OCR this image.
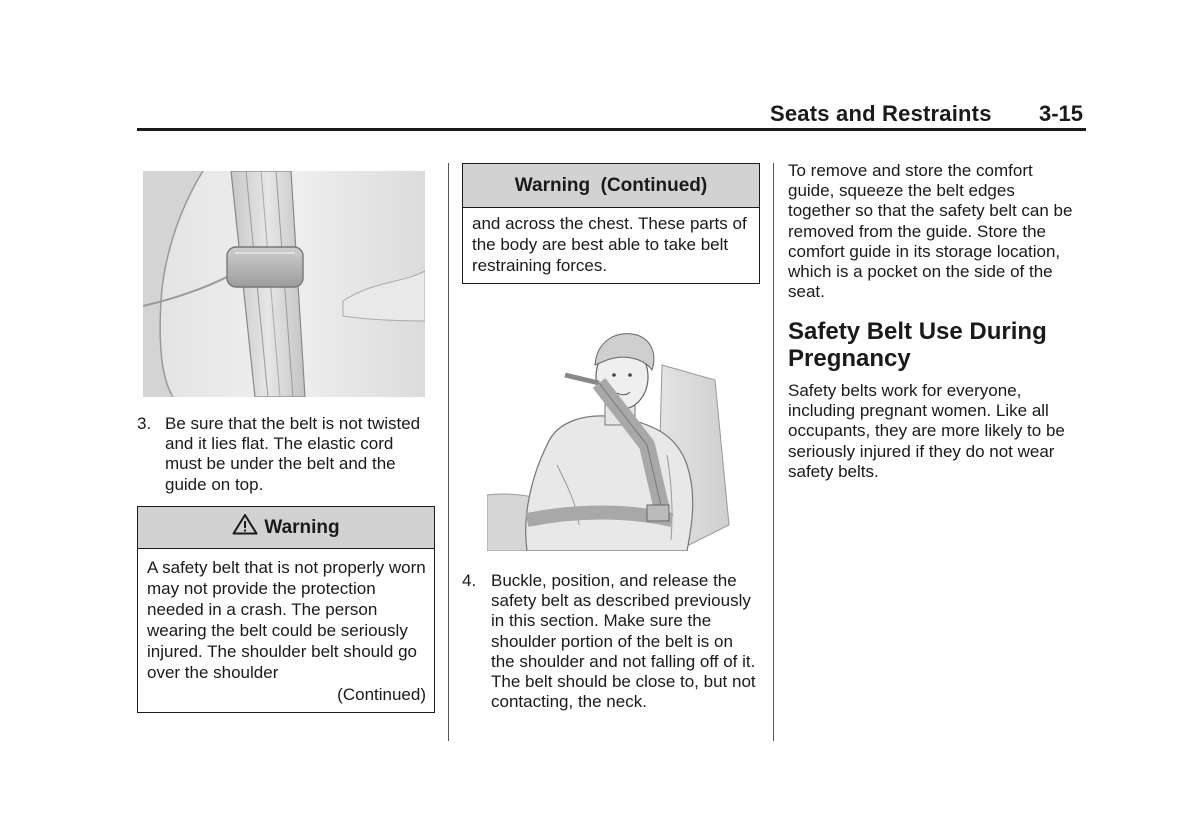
Seats and Restraints 3-15
3. Be sure that the belt is not twisted and it lies flat. The elastic cord must be under the belt and the guide on top.
Warning
A safety belt that is not properly worn may not provide the protection needed in a crash. The person wearing the belt could be seriously injured. The shoulder belt should go over the shoulder
(Continued)
Warning  (Continued)
and across the chest. These parts of the body are best able to take belt restraining forces.
4. Buckle, position, and release the safety belt as described previously in this section. Make sure the shoulder portion of the belt is on the shoulder and not falling off of it. The belt should be close to, but not contacting, the neck.
To remove and store the comfort guide, squeeze the belt edges together so that the safety belt can be removed from the guide. Store the comfort guide in its storage location, which is a pocket on the side of the seat.
Safety Belt Use During Pregnancy
Safety belts work for everyone, including pregnant women. Like all occupants, they are more likely to be seriously injured if they do not wear safety belts.
